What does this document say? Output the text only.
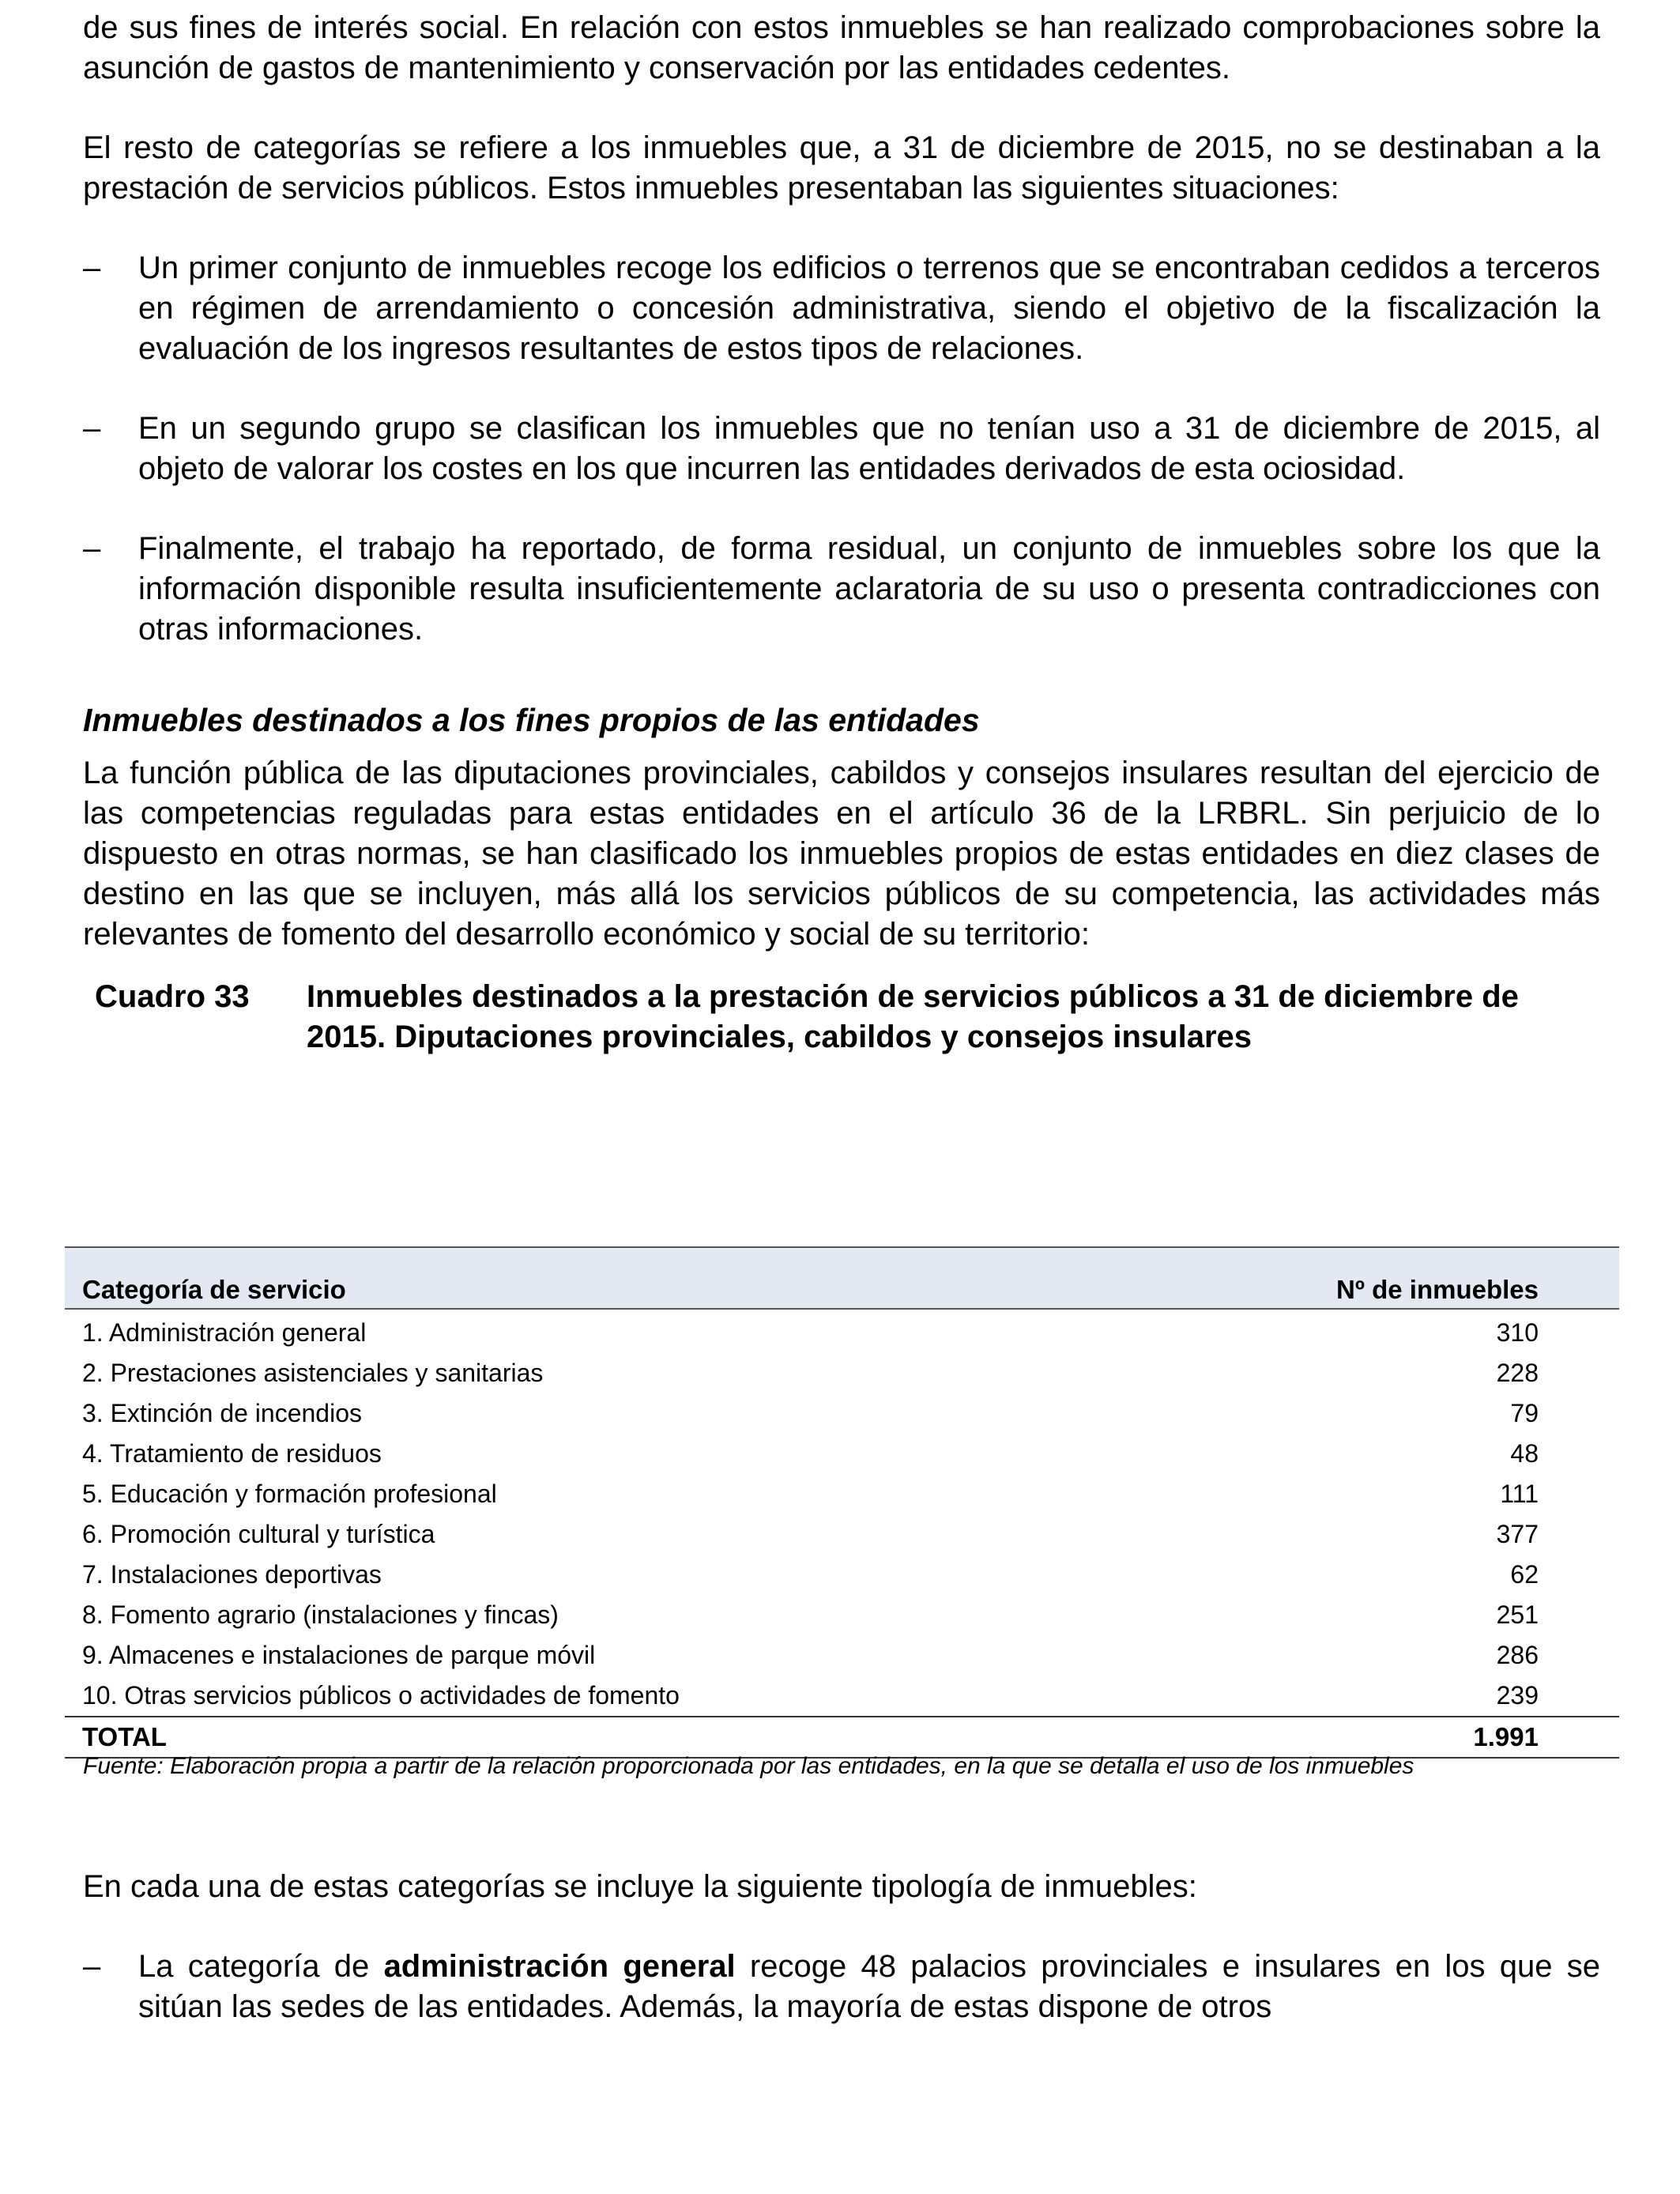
de sus fines de interés social. En relación con estos inmuebles se han realizado comprobaciones sobre la asunción de gastos de mantenimiento y conservación por las entidades cedentes.

El resto de categorías se refiere a los inmuebles que, a 31 de diciembre de 2015, no se destinaban a la prestación de servicios públicos. Estos inmuebles presentaban las siguientes situaciones:

– Un primer conjunto de inmuebles recoge los edificios o terrenos que se encontraban cedidos a terceros en régimen de arrendamiento o concesión administrativa, siendo el objetivo de la fiscalización la evaluación de los ingresos resultantes de estos tipos de relaciones.

– En un segundo grupo se clasifican los inmuebles que no tenían uso a 31 de diciembre de 2015, al objeto de valorar los costes en los que incurren las entidades derivados de esta ociosidad.

– Finalmente, el trabajo ha reportado, de forma residual, un conjunto de inmuebles sobre los que la información disponible resulta insuficientemente aclaratoria de su uso o presenta contradicciones con otras informaciones.

Inmuebles destinados a los fines propios de las entidades

La función pública de las diputaciones provinciales, cabildos y consejos insulares resultan del ejercicio de las competencias reguladas para estas entidades en el artículo 36 de la LRBRL. Sin perjuicio de lo dispuesto en otras normas, se han clasificado los inmuebles propios de estas entidades en diez clases de destino en las que se incluyen, más allá los servicios públicos de su competencia, las actividades más relevantes de fomento del desarrollo económico y social de su territorio:

Cuadro 33 Inmuebles destinados a la prestación de servicios públicos a 31 de diciembre de 2015. Diputaciones provinciales, cabildos y consejos insulares
Categoría de servicio	Nº de inmuebles
1. Administración general	310
2. Prestaciones asistenciales y sanitarias	228
3. Extinción de incendios	79
4. Tratamiento de residuos	48
5. Educación y formación profesional	111
6. Promoción cultural y turística	377
7. Instalaciones deportivas	62
8. Fomento agrario (instalaciones y fincas)	251
9. Almacenes e instalaciones de parque móvil	286
10. Otras servicios públicos o actividades de fomento	239
TOTAL	1.991

Fuente: Elaboración propia a partir de la relación proporcionada por las entidades, en la que se detalla el uso de los inmuebles

En cada una de estas categorías se incluye la siguiente tipología de inmuebles:

– La categoría de administración general recoge 48 palacios provinciales e insulares en los que se sitúan las sedes de las entidades. Además, la mayoría de estas dispone de otros
